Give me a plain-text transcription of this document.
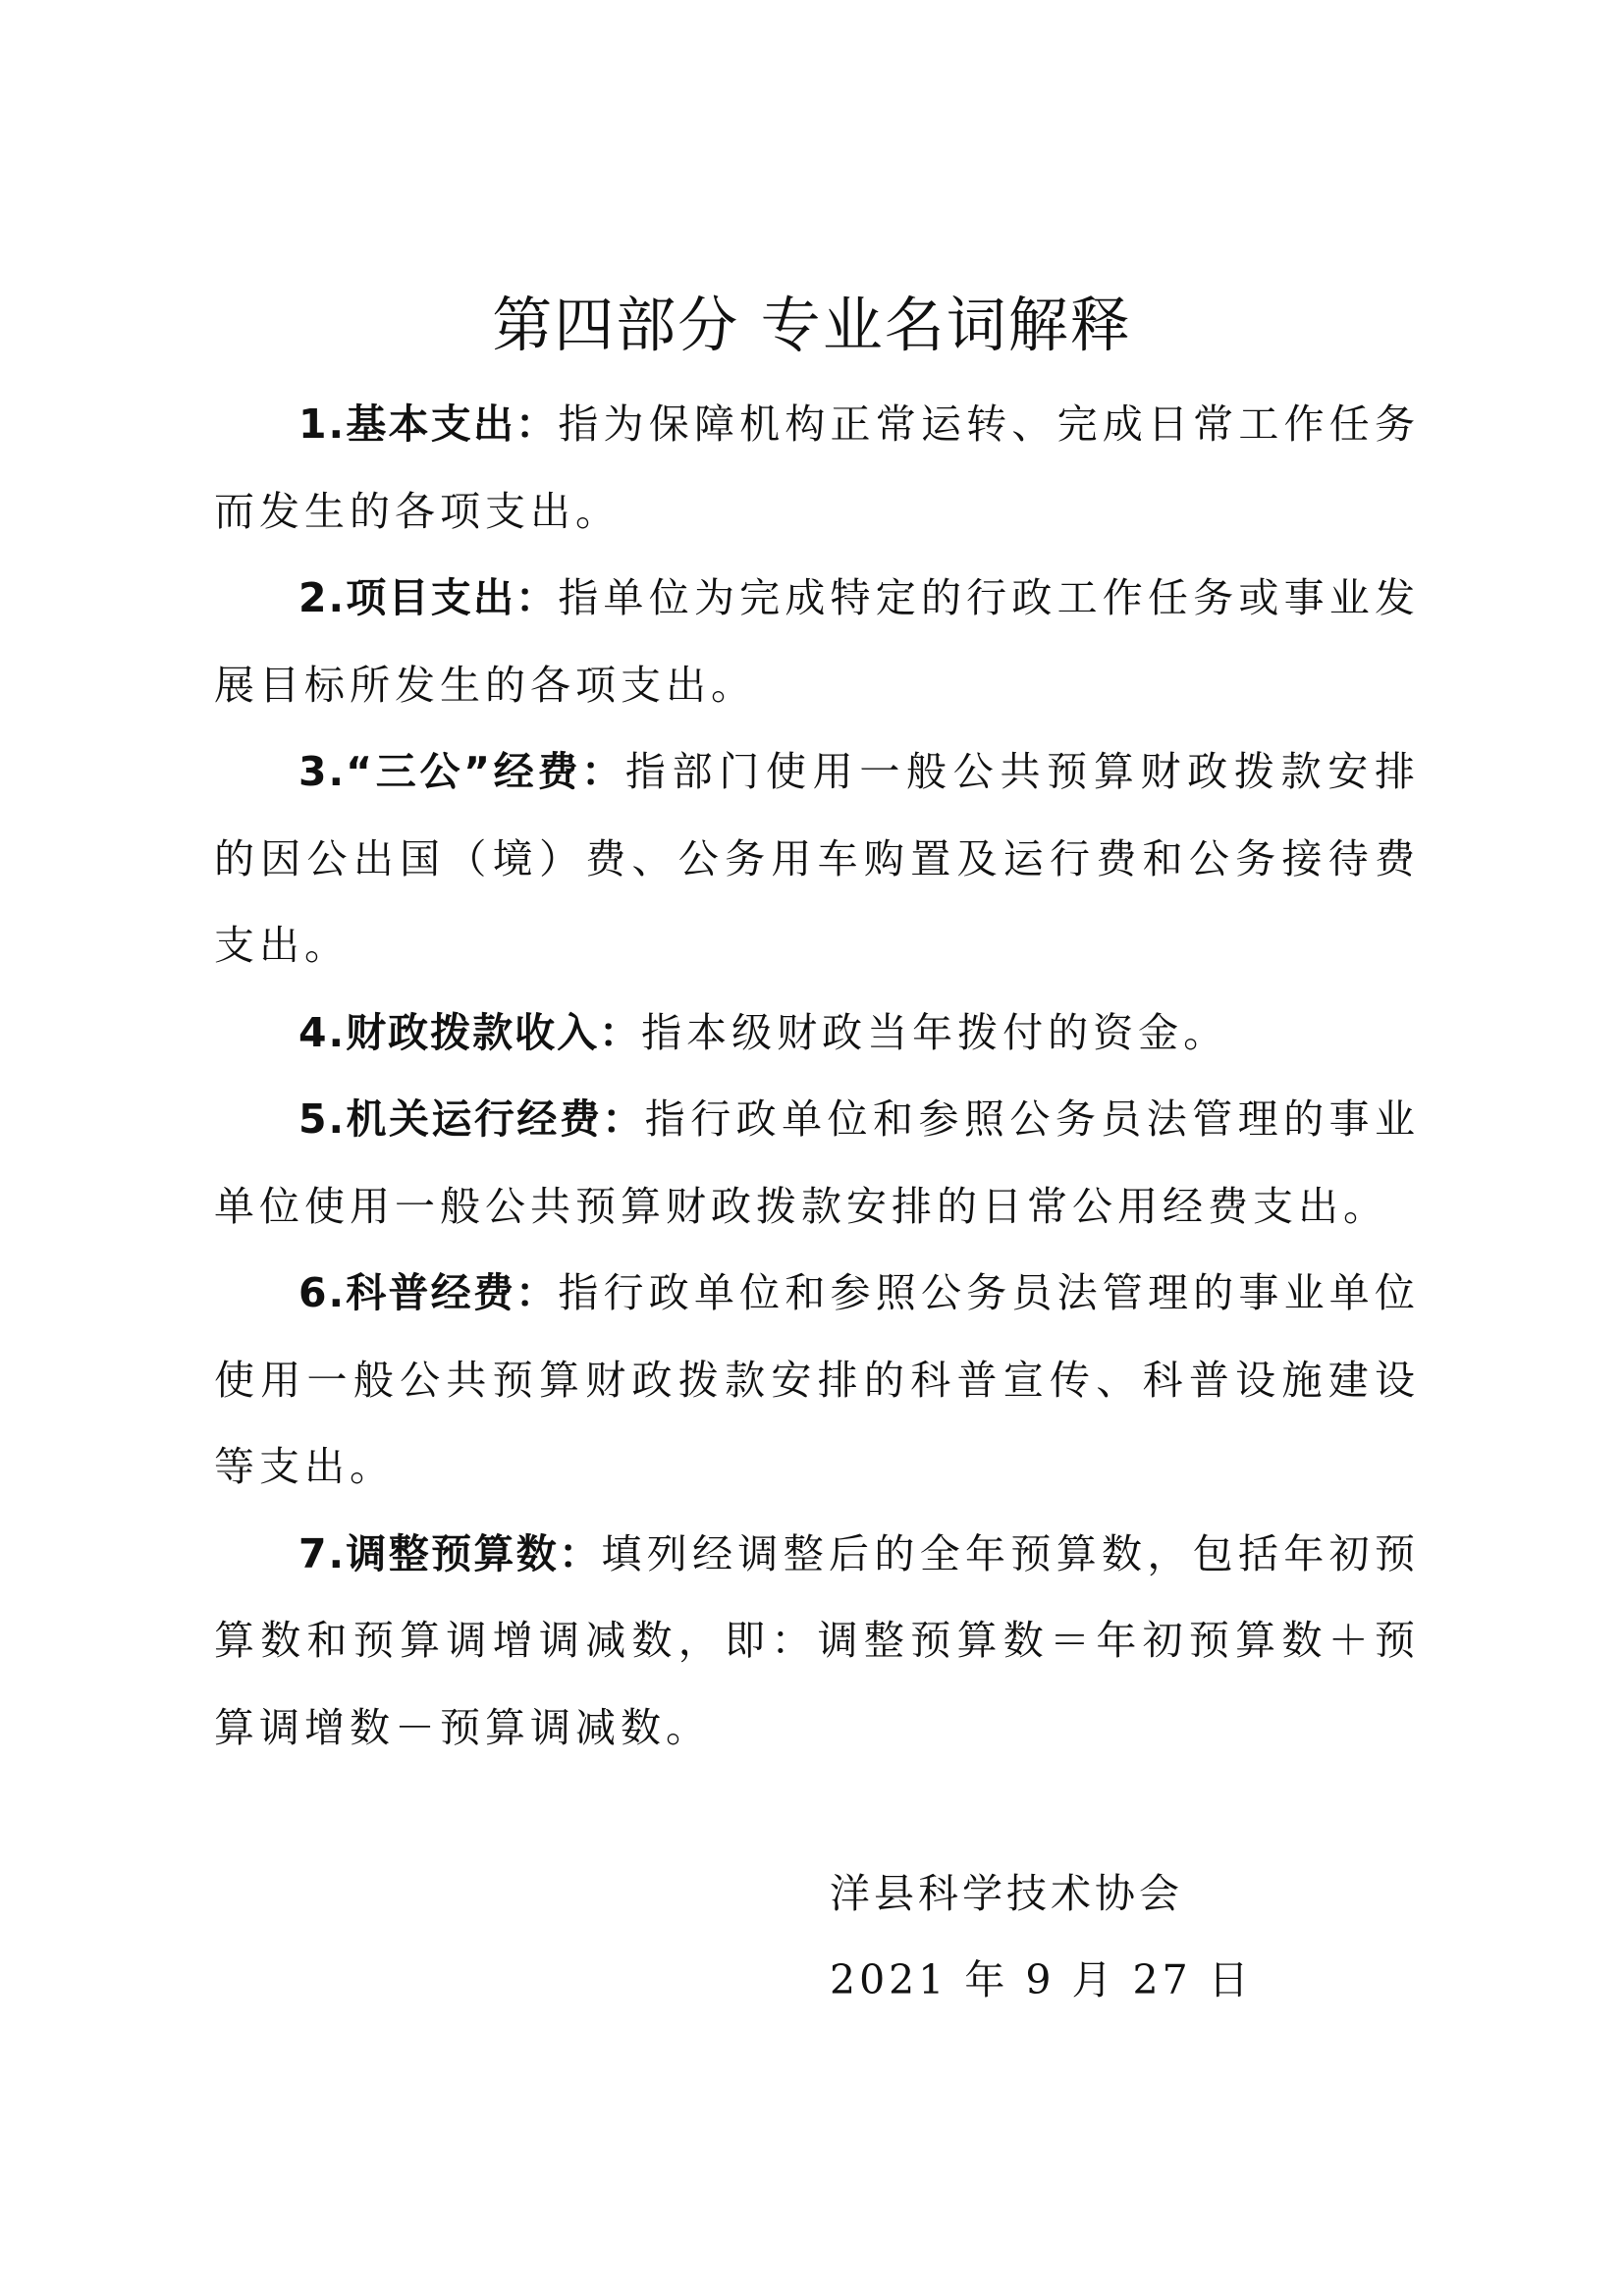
第四部分 专业名词解释

1.基本支出：指为保障机构正常运转、完成日常工作任务而发生的各项支出。

2.项目支出：指单位为完成特定的行政工作任务或事业发展目标所发生的各项支出。

3.“三公”经费：指部门使用一般公共预算财政拨款安排的因公出国（境）费、公务用车购置及运行费和公务接待费支出。

4.财政拨款收入：指本级财政当年拨付的资金。

5.机关运行经费：指行政单位和参照公务员法管理的事业单位使用一般公共预算财政拨款安排的日常公用经费支出。

6.科普经费：指行政单位和参照公务员法管理的事业单位使用一般公共预算财政拨款安排的科普宣传、科普设施建设等支出。

7.调整预算数：填列经调整后的全年预算数，包括年初预算数和预算调增调减数，即：调整预算数＝年初预算数＋预算调增数－预算调减数。

洋县科学技术协会
2021 年 9 月 27 日
